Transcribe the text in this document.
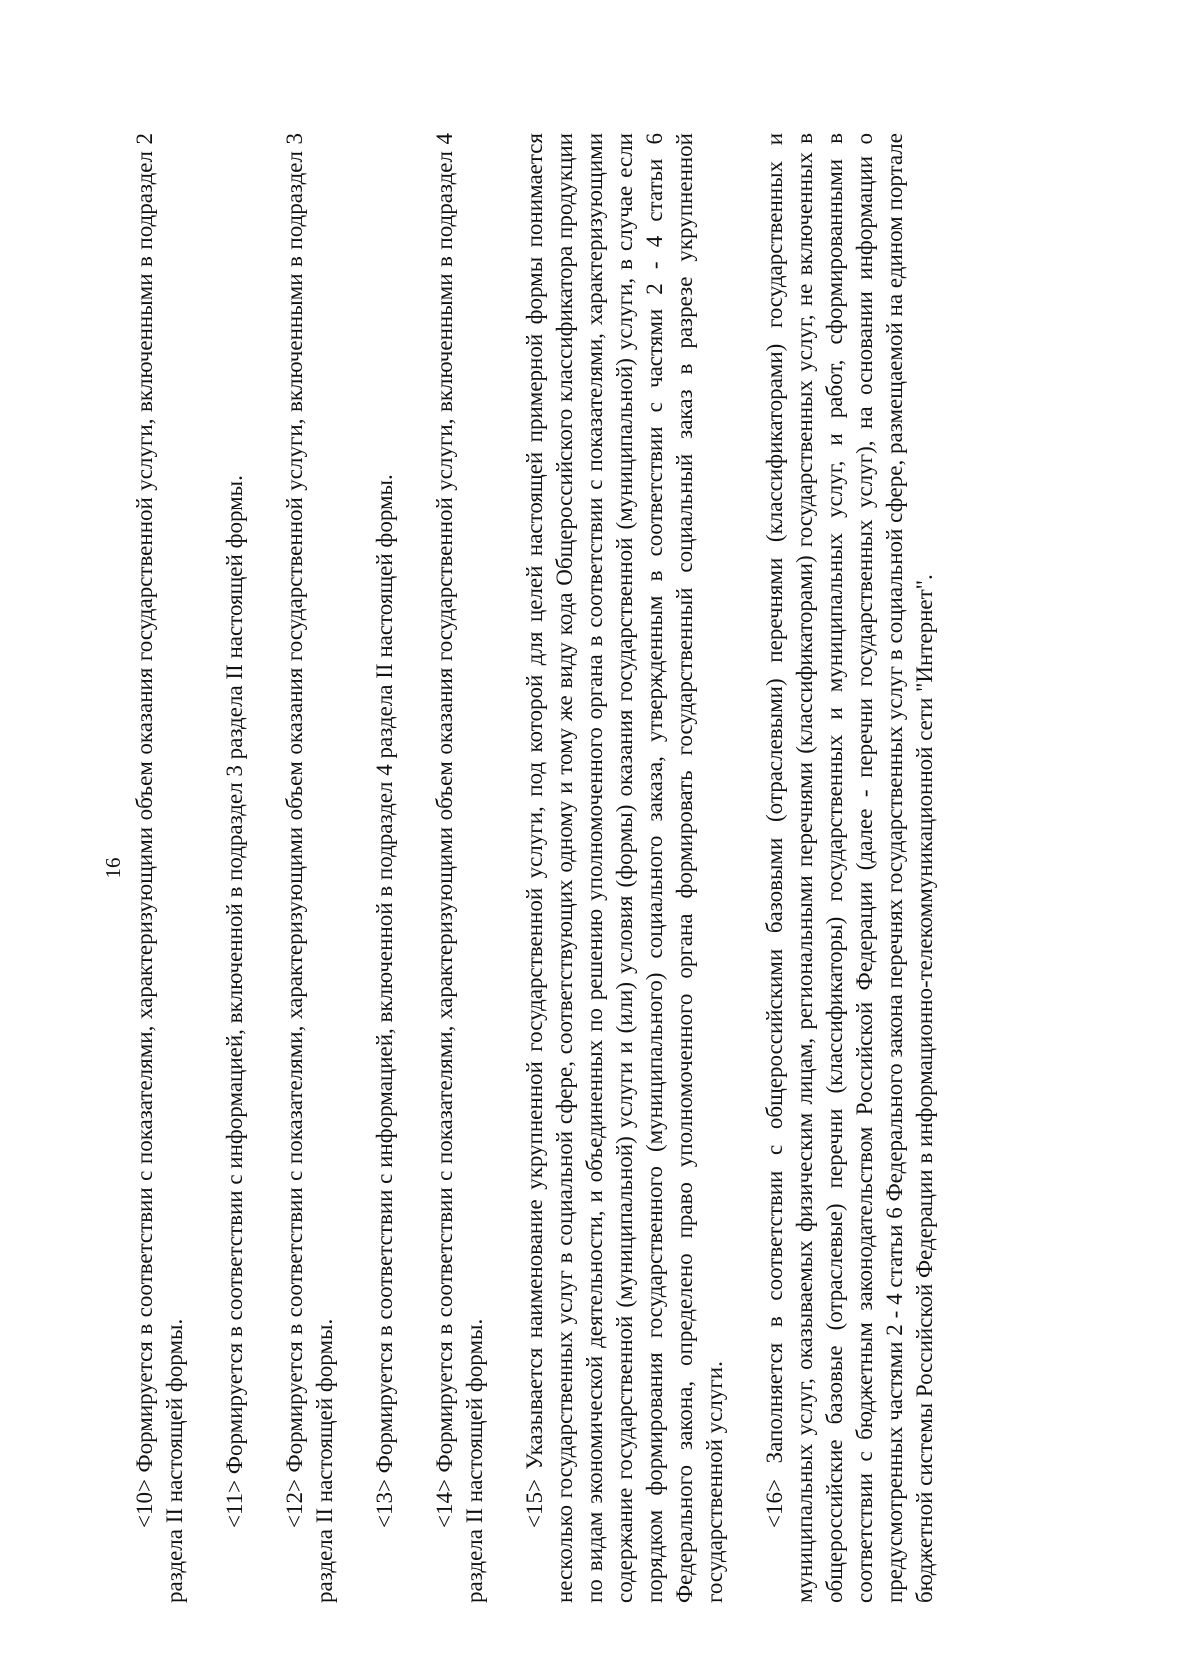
16 <10> Формируется в соответствии с показателями, характеризующими объем оказания государственной услуги, включенными в подраздел 2 раздела II настоящей формы. <11> Формируется в соответствии с информацией, включенной в подраздел 3 раздела II настоящей формы. <12> Формируется в соответствии с показателями, характеризующими объем оказания государственной услуги, включенными в подраздел 3 раздела II настоящей формы. <13> Формируется в соответствии с информацией, включенной в подраздел 4 раздела II настоящей формы. <14> Формируется в соответствии с показателями, характеризующими объем оказания государственной услуги, включенными в подраздел 4 раздела II настоящей формы. <15> Указывается наименование укрупненной государственной услуги, под которой для целей настоящей примерной формы понимается несколько государственных услуг в социальной сфере, соответствующих одному и тому же виду кода Общероссийского классификатора продукции по видам экономической деятельности, и объединенных по решению уполномоченного органа в соответствии с показателями, характеризующими содержание государственной (муниципальной) услуги и (или) условия (формы) оказания государственной (муниципальной) услуги, в случае если порядком формирования государственного (муниципального) социального заказа, утвержденным в соответствии с частями 2 - 4 статьи 6 Федерального закона, определено право уполномоченного органа формировать государственный социальный заказ в разрезе укрупненной государственной услуги. <16> Заполняется в соответствии с общероссийскими базовыми (отраслевыми) перечнями (классификаторами) государственных и муниципальных услуг, оказываемых физическим лицам, региональными перечнями (классификаторами) государственных услуг, не включенных в общероссийские базовые (отраслевые) перечни (классификаторы) государственных и муниципальных услуг, и работ, сформированными в соответствии с бюджетным законодательством Российской Федерации (далее - перечни государственных услуг), на основании информации о предусмотренных частями 2 - 4 статьи 6 Федерального закона перечнях государственных услуг в социальной сфере, размещаемой на едином портале бюджетной системы Российской Федерации в информационно-телекоммуникационной сети "Интернет".
